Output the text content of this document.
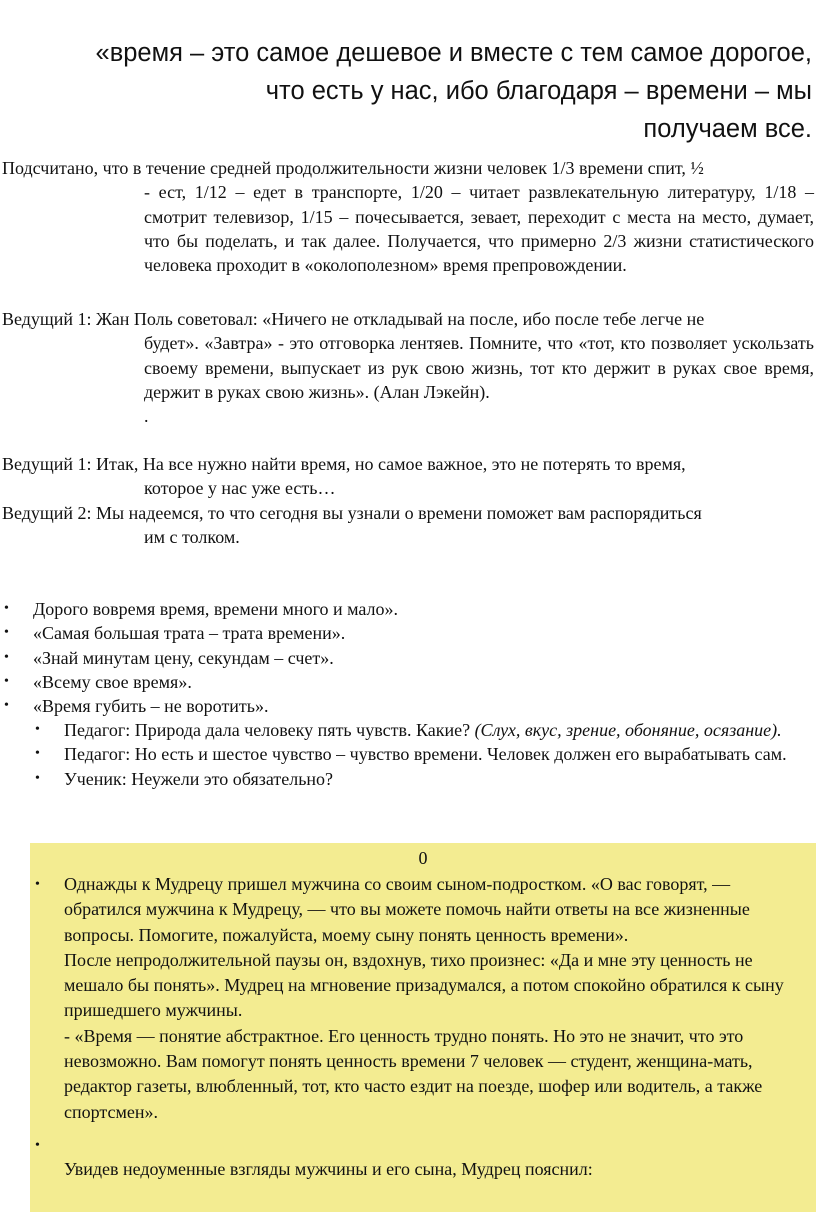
«время – это самое дешевое и вместе с тем самое дорогое,
что есть у нас, ибо благодаря – времени – мы
получаем все.
Подсчитано, что в течение средней продолжительности жизни человек 1/3 времени спит, ½
- ест, 1/12 – едет в транспорте, 1/20 – читает развлекательную литературу, 1/18 – смотрит телевизор, 1/15 – почесывается, зевает, переходит с места на место, думает, что бы поделать, и так далее. Получается, что примерно 2/3 жизни статистического человека проходит в «околополезном» время препровождении.
Ведущий 1: Жан Поль советовал: «Ничего не откладывай на после, ибо после тебе легче не
будет». «Завтра» - это отговорка лентяев. Помните, что «тот, кто позволяет ускользать своему времени, выпускает из рук свою жизнь, тот кто держит в руках свое время, держит в руках свою жизнь». (Алан Лэкейн).
.
Ведущий 1: Итак, На все нужно найти время, но самое важное, это не потерять то время,
которое у нас уже есть…
Ведущий 2: Мы надеемся, то что сегодня вы узнали о времени поможет вам распорядиться
им с толком.
• Дорого вовремя время, времени много и мало».
• «Самая большая трата – трата времени».
• «Знай минутам цену, секундам – счет».
• «Всему свое время».
• «Время губить – не воротить».
• Педагог: Природа дала человеку пять чувств. Какие? (Слух, вкус, зрение, обоняние, осязание).
• Педагог: Но есть и шестое чувство – чувство времени. Человек должен его вырабатывать сам.
• Ученик: Неужели это обязательно?
0
• Однажды к Мудрецу пришел мужчина со своим сыном-подростком. «О вас говорят, — обратился мужчина к Мудрецу, — что вы можете помочь найти ответы на все жизненные вопросы. Помогите, пожалуйста, моему сыну понять ценность времени».

После непродолжительной паузы он, вздохнув, тихо произнес: «Да и мне эту ценность не мешало бы понять». Мудрец на мгновение призадумался, а потом спокойно обратился к сыну пришедшего мужчины.

- «Время — понятие абстрактное. Его ценность трудно понять. Но это не значит, что это невозможно. Вам помогут понять ценность времени 7 человек — студент, женщина-мать, редактор газеты, влюбленный, тот, кто часто ездит на поезде, шофер или водитель, а также спортсмен».

•

Увидев недоуменные взгляды мужчины и его сына, Мудрец пояснил:
